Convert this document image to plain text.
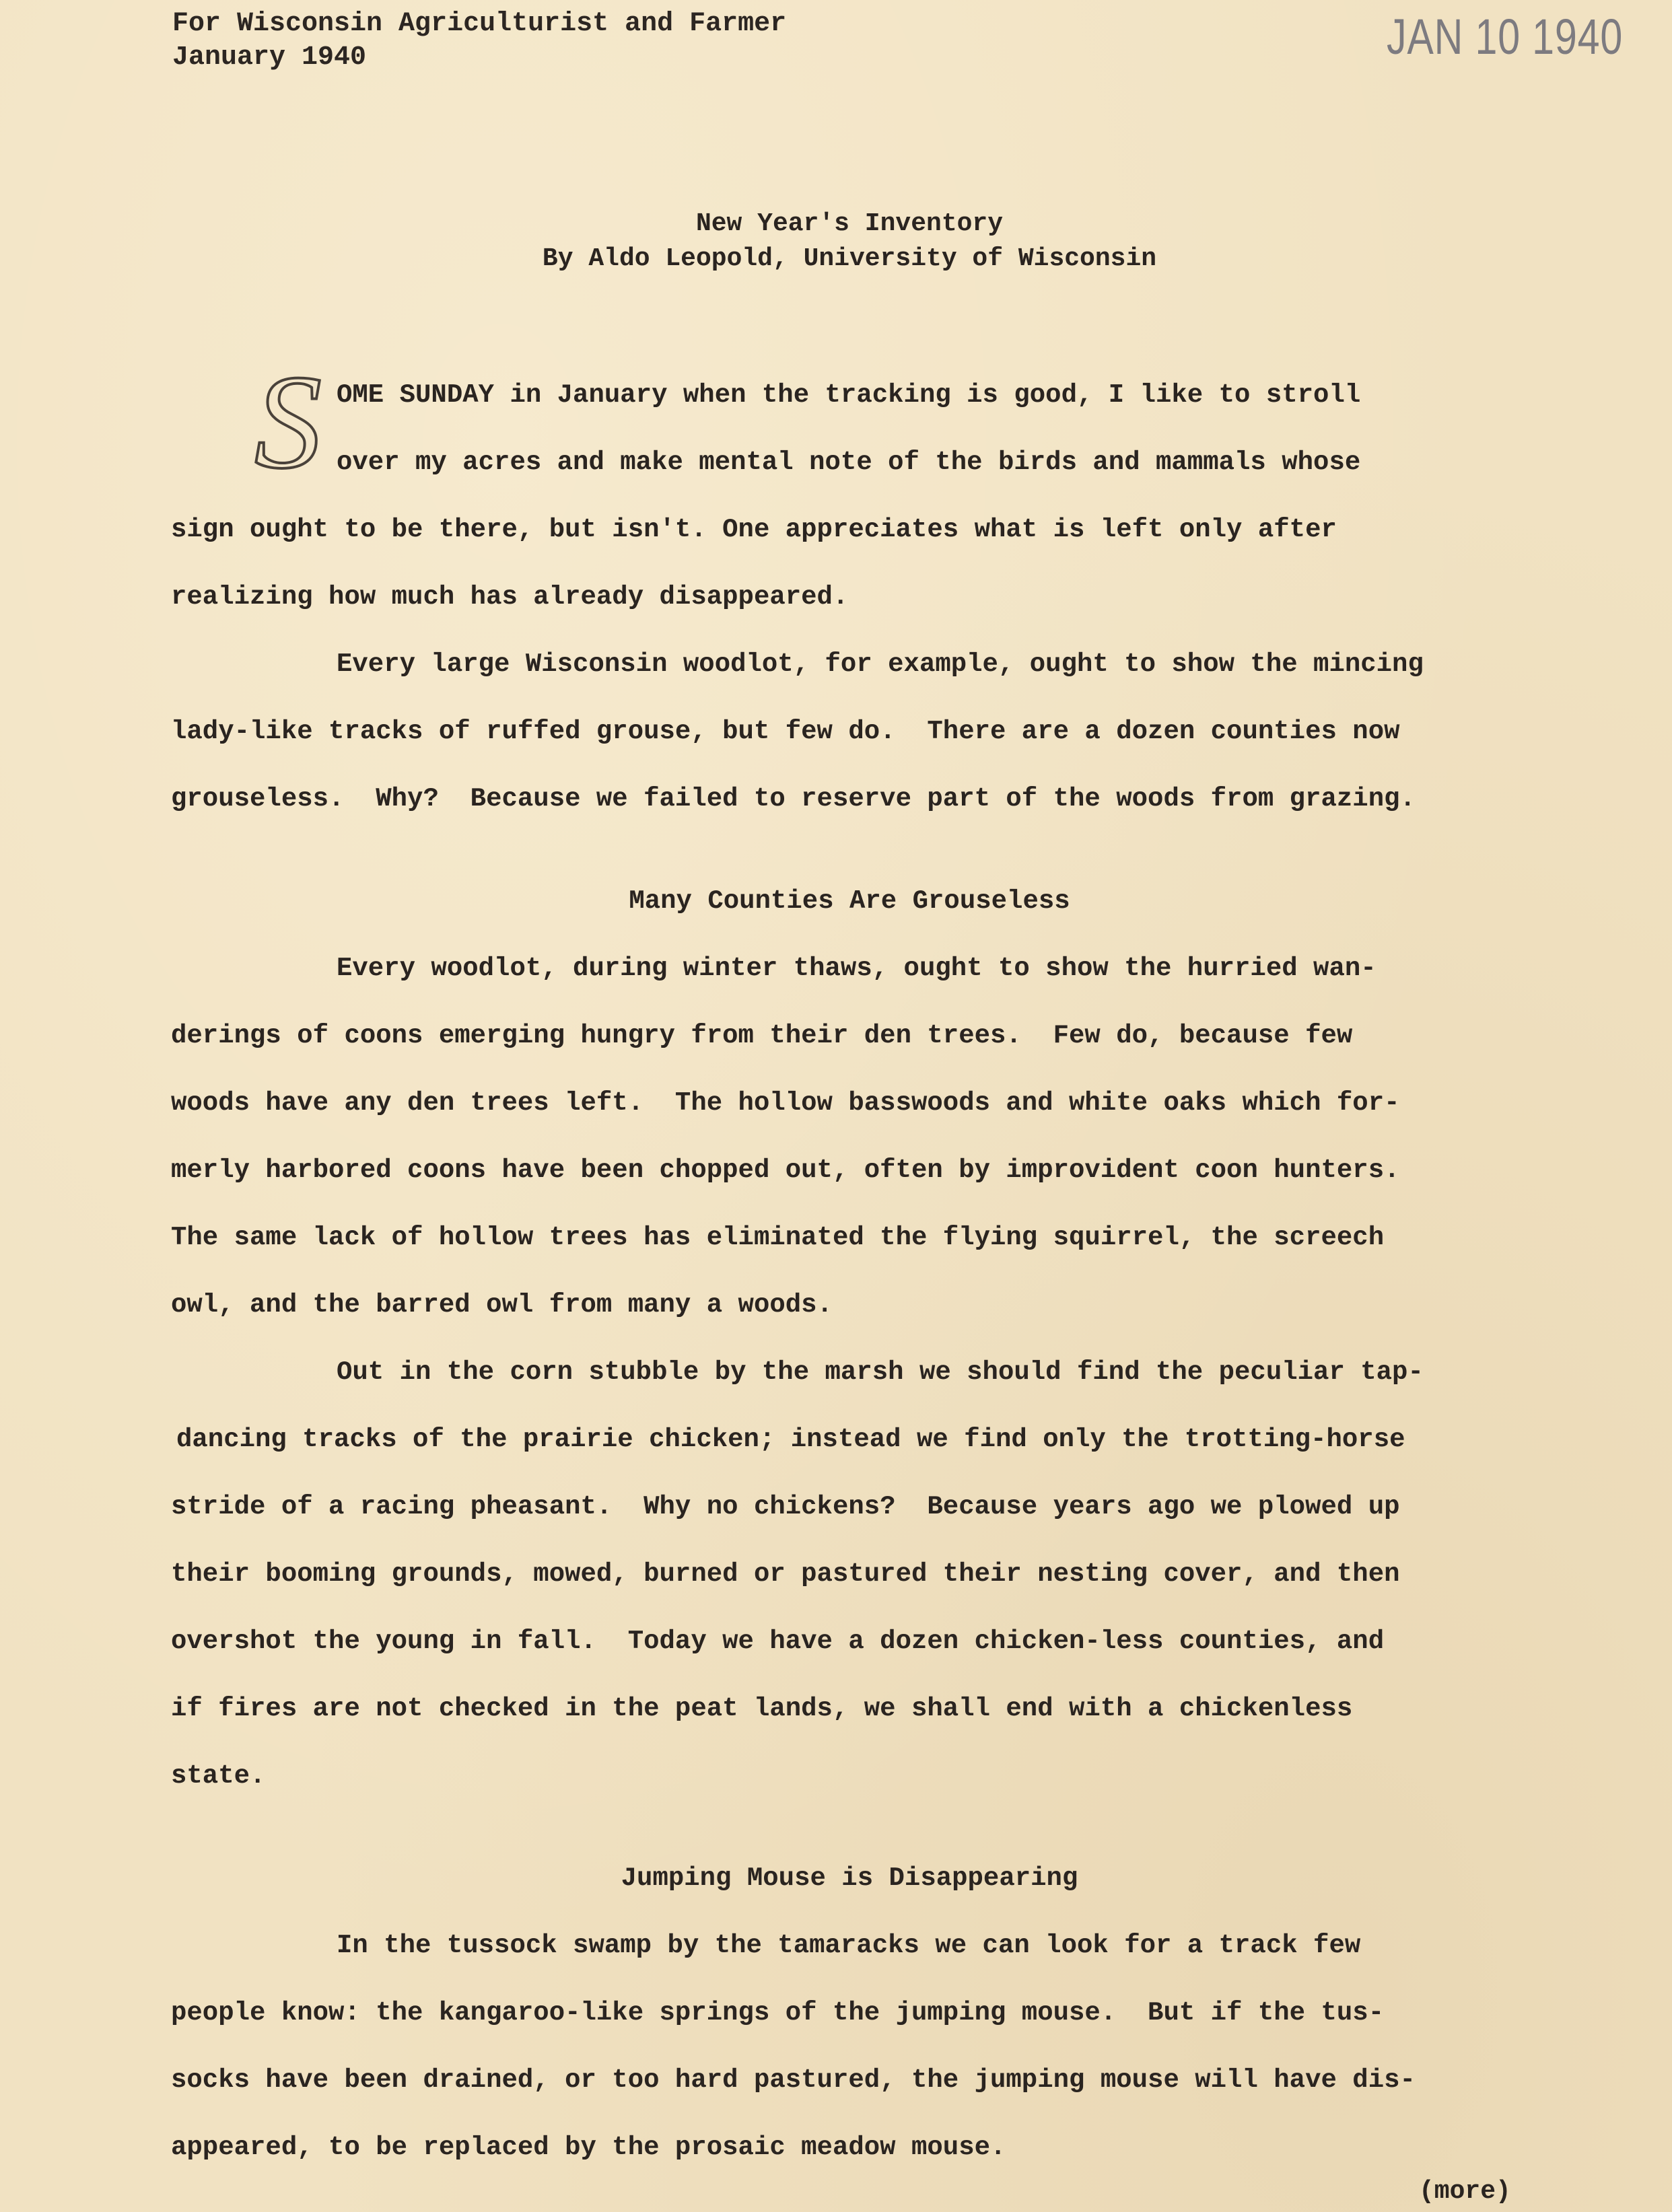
For Wisconsin Agriculturist and Farmer
January 1940	JAN 10 1940
New Year's Inventory
By Aldo Leopold, University of Wisconsin
S OME SUNDAY in January when the tracking is good, I like to stroll
over my acres and make mental note of the birds and mammals whose
sign ought to be there, but isn't. One appreciates what is left only after
realizing how much has already disappeared.
Every large Wisconsin woodlot, for example, ought to show the mincing
lady-like tracks of ruffed grouse, but few do.  There are a dozen counties now
grouseless.  Why?  Because we failed to reserve part of the woods from grazing.
Many Counties Are Grouseless
Every woodlot, during winter thaws, ought to show the hurried wan-
derings of coons emerging hungry from their den trees.  Few do, because few
woods have any den trees left.  The hollow basswoods and white oaks which for-
merly harbored coons have been chopped out, often by improvident coon hunters.
The same lack of hollow trees has eliminated the flying squirrel, the screech
owl, and the barred owl from many a woods.
Out in the corn stubble by the marsh we should find the peculiar tap-
dancing tracks of the prairie chicken; instead we find only the trotting-horse
stride of a racing pheasant.  Why no chickens?  Because years ago we plowed up
their booming grounds, mowed, burned or pastured their nesting cover, and then
overshot the young in fall.  Today we have a dozen chicken-less counties, and
if fires are not checked in the peat lands, we shall end with a chickenless
state.
Jumping Mouse is Disappearing
In the tussock swamp by the tamaracks we can look for a track few
people know: the kangaroo-like springs of the jumping mouse.  But if the tus-
socks have been drained, or too hard pastured, the jumping mouse will have dis-
appeared, to be replaced by the prosaic meadow mouse.
(more)
